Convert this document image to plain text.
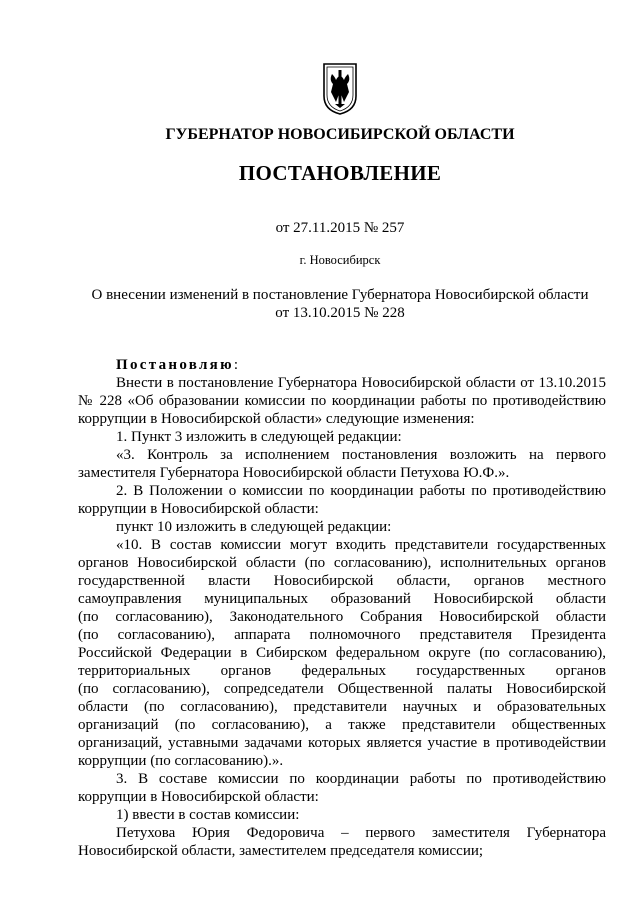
ГУБЕРНАТОР НОВОСИБИРСКОЙ ОБЛАСТИ
ПОСТАНОВЛЕНИЕ
от 27.11.2015 № 257
г. Новосибирск
О внесении изменений в постановление Губернатора Новосибирской области
от 13.10.2015 № 228
Постановляю:
Внести в постановление Губернатора Новосибирской области от 13.10.2015
№ 228 «Об образовании комиссии по координации работы по противодействию
коррупции в Новосибирской области» следующие изменения:
1. Пункт 3 изложить в следующей редакции:
«3. Контроль за исполнением постановления возложить на первого
заместителя Губернатора Новосибирской области Петухова Ю.Ф.».
2. В Положении о комиссии по координации работы по противодействию
коррупции в Новосибирской области:
пункт 10 изложить в следующей редакции:
«10. В состав комиссии могут входить представители государственных
органов Новосибирской области (по согласованию), исполнительных органов
государственной власти Новосибирской области, органов местного
самоуправления муниципальных образований Новосибирской области
(по согласованию), Законодательного Собрания Новосибирской области
(по согласованию), аппарата полномочного представителя Президента
Российской Федерации в Сибирском федеральном округе (по согласованию),
территориальных органов федеральных государственных органов
(по согласованию), сопредседатели Общественной палаты Новосибирской
области (по согласованию), представители научных и образовательных
организаций (по согласованию), а также представители общественных
организаций, уставными задачами которых является участие в противодействии
коррупции (по согласованию).».
3. В составе комиссии по координации работы по противодействию
коррупции в Новосибирской области:
1) ввести в состав комиссии:
Петухова Юрия Федоровича – первого заместителя Губернатора
Новосибирской области, заместителем председателя комиссии;
